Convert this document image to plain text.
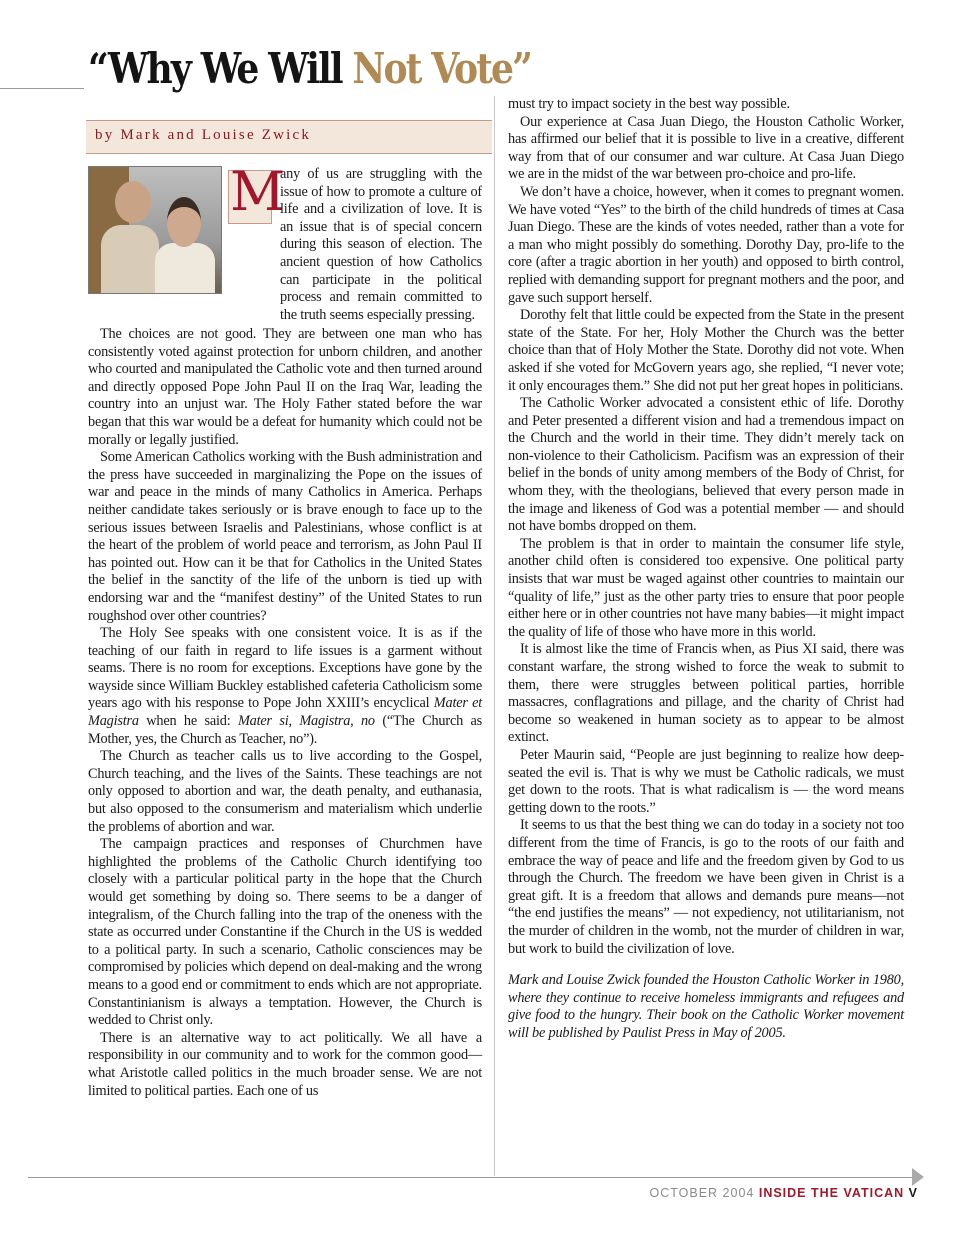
“Why We Will Not Vote”
by Mark and Louise Zwick
M

any of us are struggling with the issue of how to promote a culture of life and a civilization of love. It is an issue that is of special concern during this season of election. The ancient question of how Catholics can participate in the political process and remain committed to the truth seems especially pressing.

The choices are not good. They are between one man who has consistently voted against protection for unborn children, and another who courted and manipulated the Catholic vote and then turned around and directly opposed Pope John Paul II on the Iraq War, leading the country into an unjust war. The Holy Father stated before the war began that this war would be a defeat for humanity which could not be morally or legally justified.

Some American Catholics working with the Bush administration and the press have succeeded in marginalizing the Pope on the issues of war and peace in the minds of many Catholics in America. Perhaps neither candidate takes seriously or is brave enough to face up to the serious issues between Israelis and Palestinians, whose conflict is at the heart of the problem of world peace and terrorism, as John Paul II has pointed out. How can it be that for Catholics in the United States the belief in the sanctity of the life of the unborn is tied up with endorsing war and the “manifest destiny” of the United States to run roughshod over other countries?

The Holy See speaks with one consistent voice. It is as if the teaching of our faith in regard to life issues is a garment without seams. There is no room for exceptions. Exceptions have gone by the wayside since William Buckley established cafeteria Catholicism some years ago with his response to Pope John XXIII’s encyclical Mater et Magistra when he said: Mater si, Magistra, no (“The Church as Mother, yes, the Church as Teacher, no”).

The Church as teacher calls us to live according to the Gospel, Church teaching, and the lives of the Saints. These teachings are not only opposed to abortion and war, the death penalty, and euthanasia, but also opposed to the consumerism and materialism which underlie the problems of abortion and war.

The campaign practices and responses of Churchmen have highlighted the problems of the Catholic Church identifying too closely with a particular political party in the hope that the Church would get something by doing so. There seems to be a danger of integralism, of the Church falling into the trap of the oneness with the state as occurred under Constantine if the Church in the US is wedded to a political party. In such a scenario, Catholic consciences may be compromised by policies which depend on deal-making and the wrong means to a good end or commitment to ends which are not appropriate. Constantinianism is always a temptation. However, the Church is wedded to Christ only.

There is an alternative way to act politically. We all have a responsibility in our community and to work for the common good—what Aristotle called politics in the much broader sense. We are not limited to political parties. Each one of us

must try to impact society in the best way possible.

Our experience at Casa Juan Diego, the Houston Catholic Worker, has affirmed our belief that it is possible to live in a creative, different way from that of our consumer and war culture. At Casa Juan Diego we are in the midst of the war between pro-choice and pro-life.

We don’t have a choice, however, when it comes to pregnant women. We have voted “Yes” to the birth of the child hundreds of times at Casa Juan Diego. These are the kinds of votes needed, rather than a vote for a man who might possibly do something. Dorothy Day, pro-life to the core (after a tragic abortion in her youth) and opposed to birth control, replied with demanding support for pregnant mothers and the poor, and gave such support herself.

Dorothy felt that little could be expected from the State in the present state of the State. For her, Holy Mother the Church was the better choice than that of Holy Mother the State. Dorothy did not vote. When asked if she voted for McGovern years ago, she replied, “I never vote; it only encourages them.” She did not put her great hopes in politicians.

The Catholic Worker advocated a consistent ethic of life. Dorothy and Peter presented a different vision and had a tremendous impact on the Church and the world in their time. They didn’t merely tack on non-violence to their Catholicism. Pacifism was an expression of their belief in the bonds of unity among members of the Body of Christ, for whom they, with the theologians, believed that every person made in the image and likeness of God was a potential member — and should not have bombs dropped on them.

The problem is that in order to maintain the consumer life style, another child often is considered too expensive. One political party insists that war must be waged against other countries to maintain our “quality of life,” just as the other party tries to ensure that poor people either here or in other countries not have many babies—it might impact the quality of life of those who have more in this world.

It is almost like the time of Francis when, as Pius XI said, there was constant warfare, the strong wished to force the weak to submit to them, there were struggles between political parties, horrible massacres, conflagrations and pillage, and the charity of Christ had become so weakened in human society as to appear to be almost extinct.

Peter Maurin said, “People are just beginning to realize how deep-seated the evil is. That is why we must be Catholic radicals, we must get down to the roots. That is what radicalism is — the word means getting down to the roots.”

It seems to us that the best thing we can do today in a society not too different from the time of Francis, is go to the roots of our faith and embrace the way of peace and life and the freedom given by God to us through the Church. The freedom we have been given in Christ is a great gift. It is a freedom that allows and demands pure means—not “the end justifies the means” — not expediency, not utilitarianism, not the murder of children in the womb, not the murder of children in war, but work to build the civilization of love.

Mark and Louise Zwick founded the Houston Catholic Worker in 1980, where they continue to receive homeless immigrants and refugees and give food to the hungry. Their book on the Catholic Worker movement will be published by Paulist Press in May of 2005.

OCTOBER 2004 INSIDE THE VATICAN V
